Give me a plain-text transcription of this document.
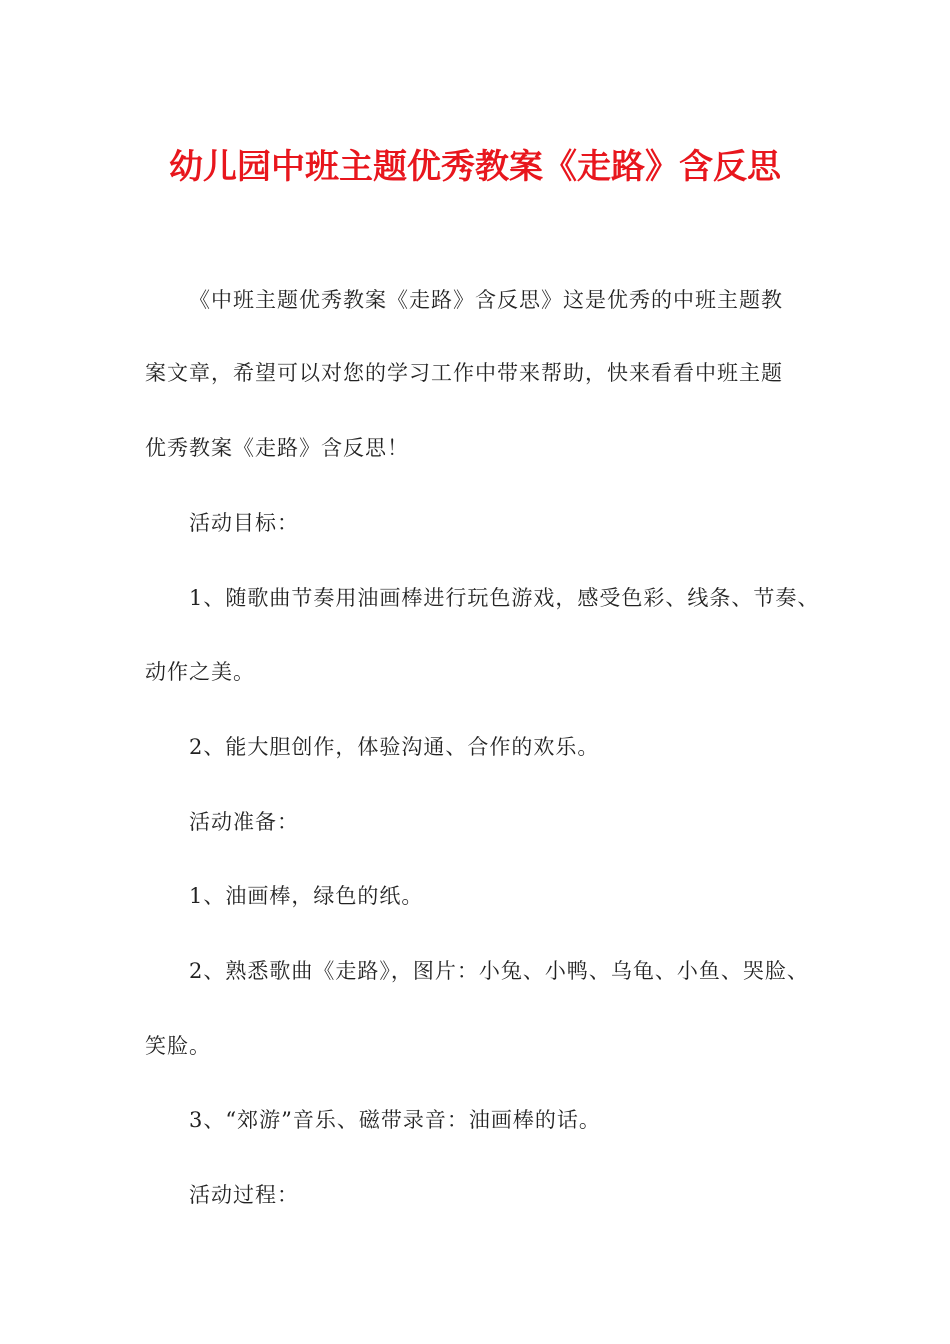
幼儿园中班主题优秀教案《走路》含反思
《中班主题优秀教案《走路》含反思》这是优秀的中班主题教
案文章，希望可以对您的学习工作中带来帮助，快来看看中班主题
优秀教案《走路》含反思！
活动目标：
1、随歌曲节奏用油画棒进行玩色游戏，感受色彩、线条、节奏、
动作之美。
2、能大胆创作，体验沟通、合作的欢乐。
活动准备：
1、油画棒，绿色的纸。
2、熟悉歌曲《走路》，图片：小兔、小鸭、乌龟、小鱼、哭脸、
笑脸。
3、“郊游”音乐、磁带录音：油画棒的话。
活动过程：
